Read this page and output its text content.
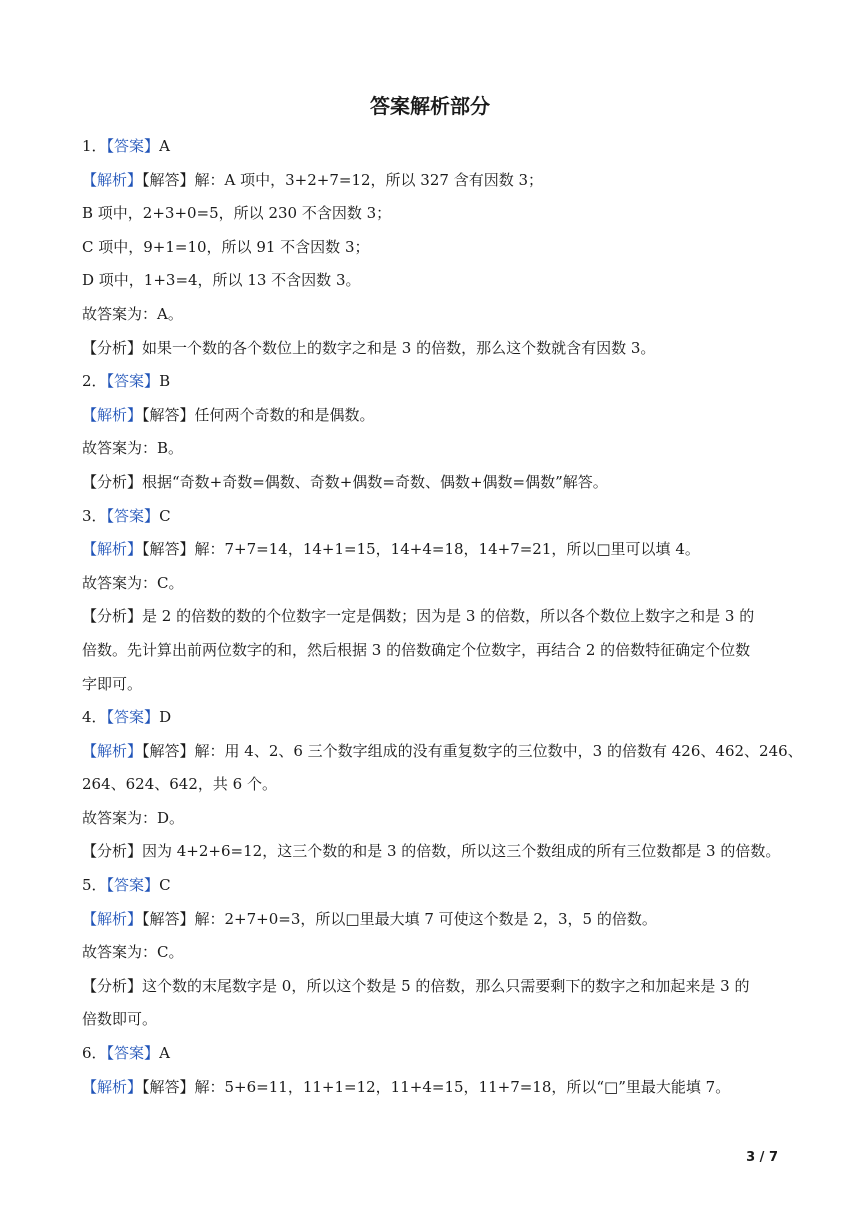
答案解析部分
1．【答案】A
【解析】【解答】解：A 项中，3+2+7=12，所以 327 含有因数 3；
B 项中，2+3+0=5，所以 230 不含因数 3；
C 项中，9+1=10，所以 91 不含因数 3；
D 项中，1+3=4，所以 13 不含因数 3。
故答案为：A。
【分析】如果一个数的各个数位上的数字之和是 3 的倍数，那么这个数就含有因数 3。
2．【答案】B
【解析】【解答】任何两个奇数的和是偶数。
故答案为：B。
【分析】根据“奇数+奇数=偶数、奇数+偶数=奇数、偶数+偶数=偶数”解答。
3．【答案】C
【解析】【解答】解：7+7=14，14+1=15，14+4=18，14+7=21，所以□里可以填 4。
故答案为：C。
【分析】是 2 的倍数的数的个位数字一定是偶数；因为是 3 的倍数，所以各个数位上数字之和是 3 的
倍数。先计算出前两位数字的和，然后根据 3 的倍数确定个位数字，再结合 2 的倍数特征确定个位数
字即可。
4．【答案】D
【解析】【解答】解：用 4、2、6 三个数字组成的没有重复数字的三位数中，3 的倍数有 426、462、246、
264、624、642，共 6 个。
故答案为：D。
【分析】因为 4+2+6=12，这三个数的和是 3 的倍数，所以这三个数组成的所有三位数都是 3 的倍数。
5．【答案】C
【解析】【解答】解：2+7+0=3，所以□里最大填 7 可使这个数是 2，3，5 的倍数。
故答案为：C。
【分析】这个数的末尾数字是 0，所以这个数是 5 的倍数，那么只需要剩下的数字之和加起来是 3 的
倍数即可。
6．【答案】A
【解析】【解答】解：5+6=11，11+1=12，11+4=15，11+7=18，所以“□”里最大能填 7。
3 / 7
